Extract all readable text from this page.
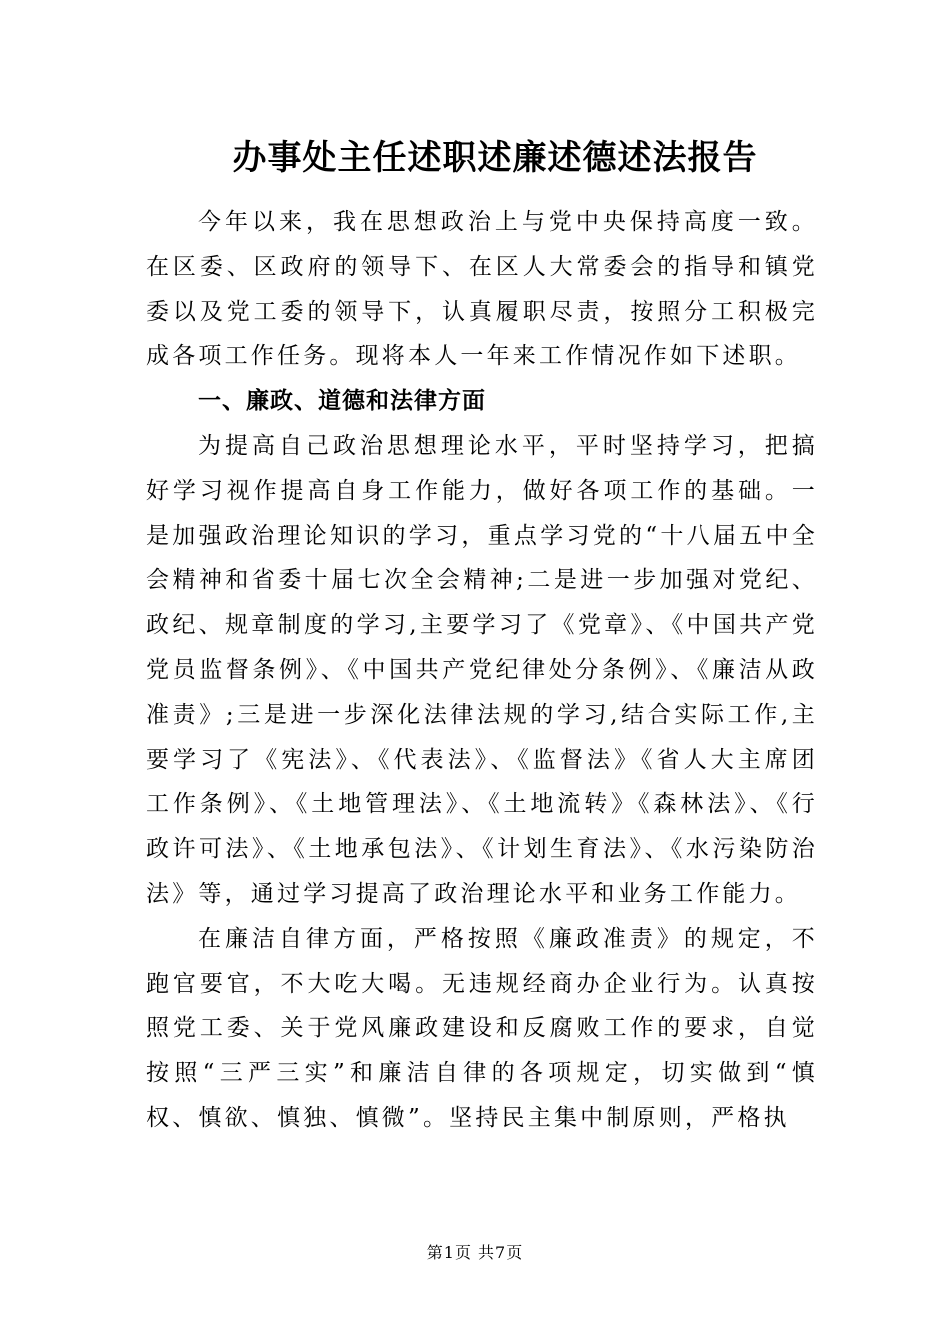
办事处主任述职述廉述德述法报告

今年以来，我在思想政治上与党中央保持高度一致。在区委、区政府的领导下、在区人大常委会的指导和镇党委以及党工委的领导下，认真履职尽责，按照分工积极完成各项工作任务。现将本人一年来工作情况作如下述职。

一、廉政、道德和法律方面

为提高自己政治思想理论水平，平时坚持学习，把搞好学习视作提高自身工作能力，做好各项工作的基础。一是加强政治理论知识的学习，重点学习党的“十八届五中全会精神和省委十届七次全会精神;二是进一步加强对党纪、政纪、规章制度的学习,主要学习了《党章》、《中国共产党党员监督条例》、《中国共产党纪律处分条例》、《廉洁从政准责》;三是进一步深化法律法规的学习,结合实际工作,主要学习了《宪法》、《代表法》、《监督法》《省人大主席团工作条例》、《土地管理法》、《土地流转》《森林法》、《行政许可法》、《土地承包法》、《计划生育法》、《水污染防治法》等，通过学习提高了政治理论水平和业务工作能力。

在廉洁自律方面，严格按照《廉政准责》的规定，不跑官要官，不大吃大喝。无违规经商办企业行为。认真按照党工委、关于党风廉政建设和反腐败工作的要求，自觉按照“三严三实”和廉洁自律的各项规定，切实做到“慎权、慎欲、慎独、慎微”。坚持民主集中制原则，严格执

第1页 共7页
